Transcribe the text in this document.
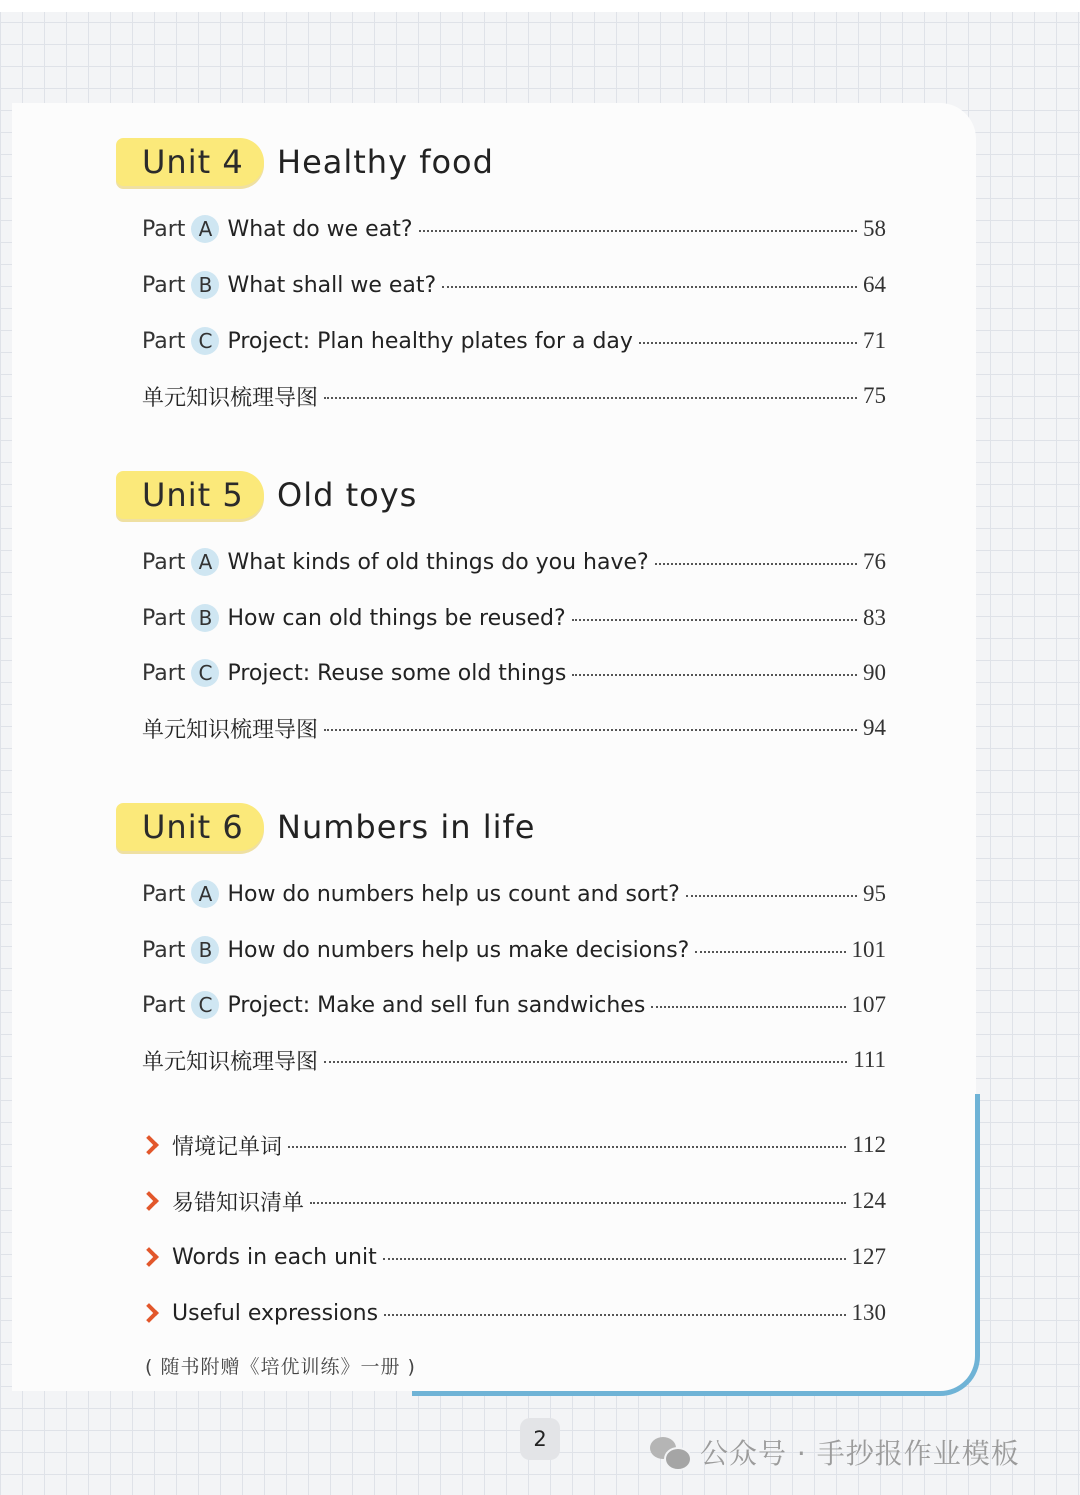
Unit 4 Healthy food
Part A What do we eat?	58
Part B What shall we eat?	64
Part C Project: Plan healthy plates for a day	71
单元知识梳理导图	75
Unit 5 Old toys
Part A What kinds of old things do you have?	76
Part B How can old things be reused?	83
Part C Project: Reuse some old things	90
单元知识梳理导图	94
Unit 6 Numbers in life
Part A How do numbers help us count and sort?	95
Part B How do numbers help us make decisions?	101
Part C Project: Make and sell fun sandwiches	107
单元知识梳理导图	111
情境记单词	112
易错知识清单	124
Words in each unit	127
Useful expressions	130
( 随书附赠《培优训练》一册 )
2	公众号 · 手抄报作业模板
